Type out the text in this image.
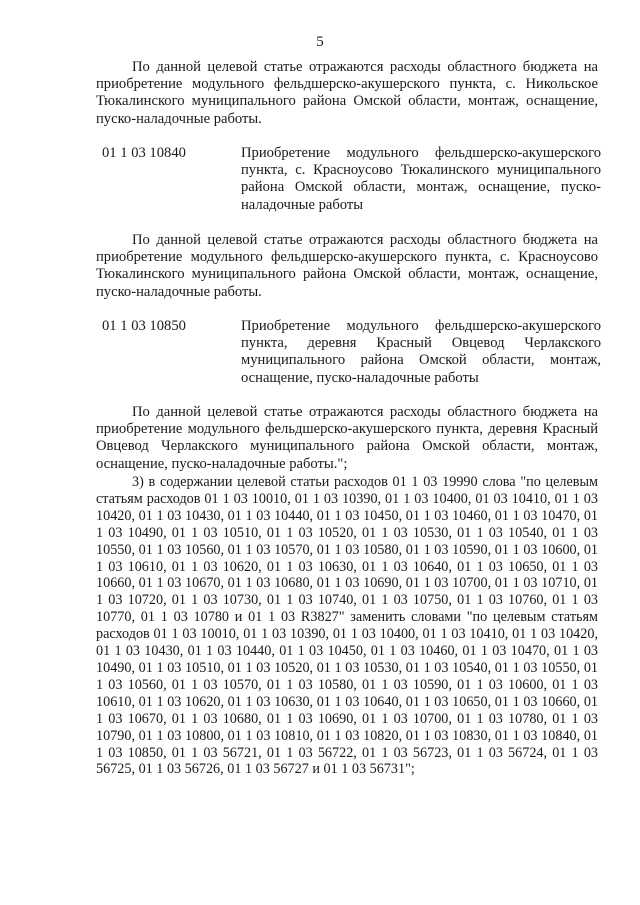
5

По данной целевой статье отражаются расходы областного бюджета на приобретение модульного фельдшерско-акушерского пункта, с. Никольское Тюкалинского муниципального района Омской области, монтаж, оснащение, пуско-наладочные работы.

01 1 03 10840	Приобретение модульного фельдшерско-акушерского пункта, с. Красноусово Тюкалинского муниципального района Омской области, монтаж, оснащение, пуско-наладочные работы

По данной целевой статье отражаются расходы областного бюджета на приобретение модульного фельдшерско-акушерского пункта, с. Красноусово Тюкалинского муниципального района Омской области, монтаж, оснащение, пуско-наладочные работы.

01 1 03 10850	Приобретение модульного фельдшерско-акушерского пункта, деревня Красный Овцевод Черлакского муниципального района Омской области, монтаж, оснащение, пуско-наладочные работы

По данной целевой статье отражаются расходы областного бюджета на приобретение модульного фельдшерско-акушерского пункта, деревня Красный Овцевод Черлакского муниципального района Омской области, монтаж, оснащение, пуско-наладочные работы.";

3) в содержании целевой статьи расходов 01 1 03 19990 слова "по целевым статьям расходов 01 1 03 10010, 01 1 03 10390, 01 1 03 10400, 01 03 10410, 01 1 03 10420, 01 1 03 10430, 01 1 03 10440, 01 1 03 10450, 01 1 03 10460, 01 1 03 10470, 01 1 03 10490, 01 1 03 10510, 01 1 03 10520, 01 1 03 10530, 01 1 03 10540, 01 1 03 10550, 01 1 03 10560, 01 1 03 10570, 01 1 03 10580, 01 1 03 10590, 01 1 03 10600, 01 1 03 10610, 01 1 03 10620, 01 1 03 10630, 01 1 03 10640, 01 1 03 10650, 01 1 03 10660, 01 1 03 10670, 01 1 03 10680, 01 1 03 10690, 01 1 03 10700, 01 1 03 10710, 01 1 03 10720, 01 1 03 10730, 01 1 03 10740, 01 1 03 10750, 01 1 03 10760, 01 1 03 10770, 01 1 03 10780 и 01 1 03 R3827" заменить словами "по целевым статьям расходов 01 1 03 10010, 01 1 03 10390, 01 1 03 10400, 01 1 03 10410, 01 1 03 10420, 01 1 03 10430, 01 1 03 10440, 01 1 03 10450, 01 1 03 10460, 01 1 03 10470, 01 1 03 10490, 01 1 03 10510, 01 1 03 10520, 01 1 03 10530, 01 1 03 10540, 01 1 03 10550, 01 1 03 10560, 01 1 03 10570, 01 1 03 10580, 01 1 03 10590, 01 1 03 10600, 01 1 03 10610, 01 1 03 10620, 01 1 03 10630, 01 1 03 10640, 01 1 03 10650, 01 1 03 10660, 01 1 03 10670, 01 1 03 10680, 01 1 03 10690, 01 1 03 10700, 01 1 03 10780, 01 1 03 10790, 01 1 03 10800, 01 1 03 10810, 01 1 03 10820, 01 1 03 10830, 01 1 03 10840, 01 1 03 10850, 01 1 03 56721, 01 1 03 56722, 01 1 03 56723, 01 1 03 56724, 01 1 03 56725, 01 1 03 56726, 01 1 03 56727 и 01 1 03 56731";
